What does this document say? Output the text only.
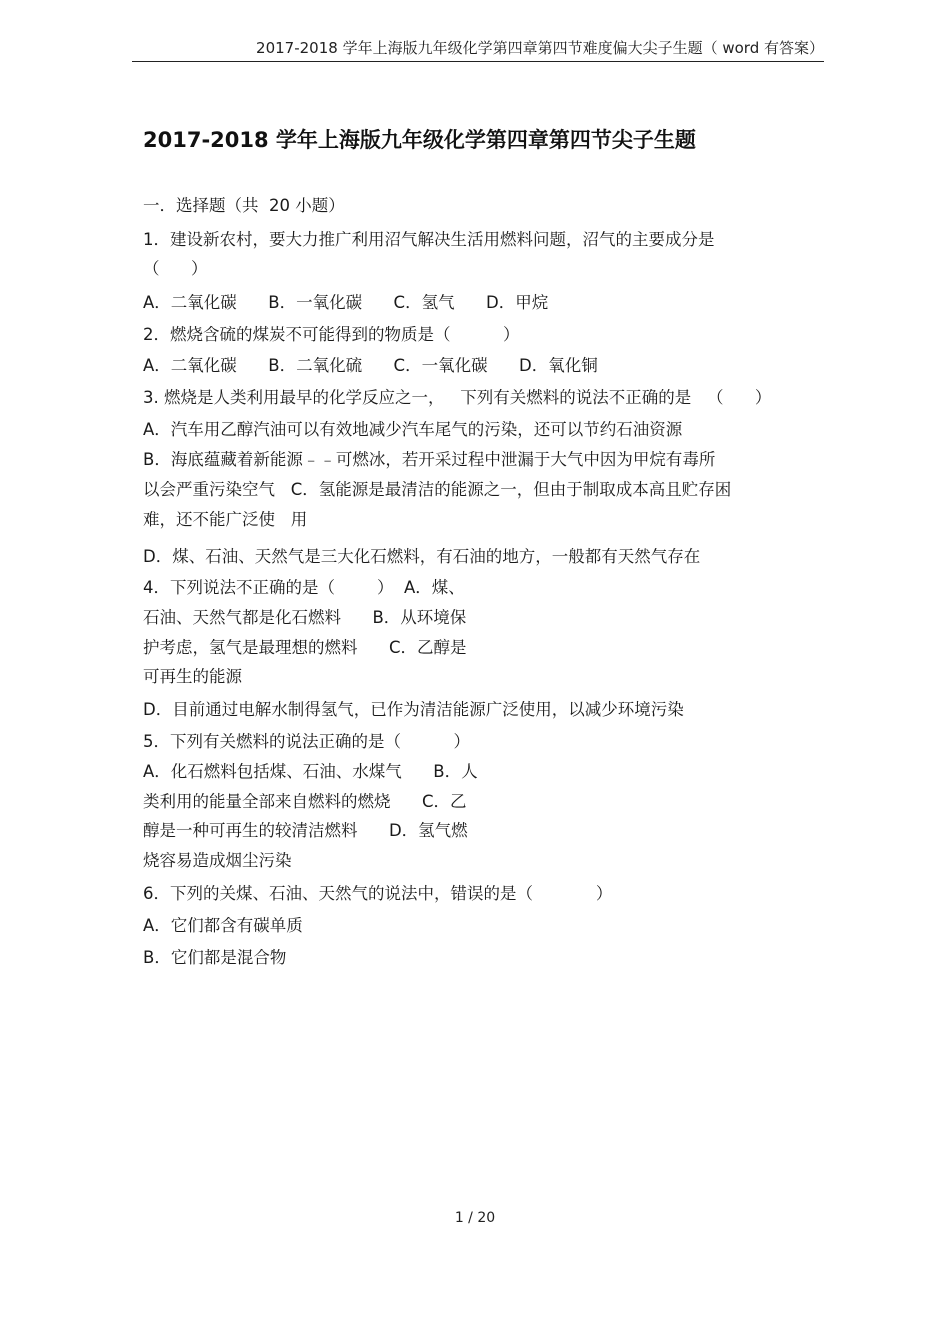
2017-2018 学年上海版九年级化学第四章第四节难度偏大尖子生题（ word 有答案）
2017-2018 学年上海版九年级化学第四章第四节尖子生题
一．选择题（共  20 小题）
1．建设新农村，要大力推广利用沼气解决生活用燃料问题，沼气的主要成分是
（      ）
A．二氧化碳      B．一氧化碳      C．氢气      D．甲烷
2．燃烧含硫的煤炭不可能得到的物质是（          ）
A．二氧化碳      B．二氧化硫      C．一氧化碳      D．氧化铜
3. 燃烧是人类利用最早的化学反应之一，   下列有关燃料的说法不正确的是   （      ）
A．汽车用乙醇汽油可以有效地减少汽车尾气的污染，还可以节约石油资源
B．海底蕴藏着新能源﹣﹣可燃冰，若开采过程中泄漏于大气中因为甲烷有毒所
以会严重污染空气   C．氢能源是最清洁的能源之一，但由于制取成本高且贮存困
难，还不能广泛使   用
D．煤、石油、天然气是三大化石燃料，有石油的地方，一般都有天然气存在
4．下列说法不正确的是（        ）  A．煤、
石油、天然气都是化石燃料      B．从环境保
护考虑，氢气是最理想的燃料      C．乙醇是
可再生的能源
D．目前通过电解水制得氢气，已作为清洁能源广泛使用，以减少环境污染
5．下列有关燃料的说法正确的是（          ）
A．化石燃料包括煤、石油、水煤气      B．人
类利用的能量全部来自燃料的燃烧      C．乙
醇是一种可再生的较清洁燃料      D．氢气燃
烧容易造成烟尘污染
6．下列的关煤、石油、天然气的说法中，错误的是（            ）
A．它们都含有碳单质
B．它们都是混合物
1 / 20
